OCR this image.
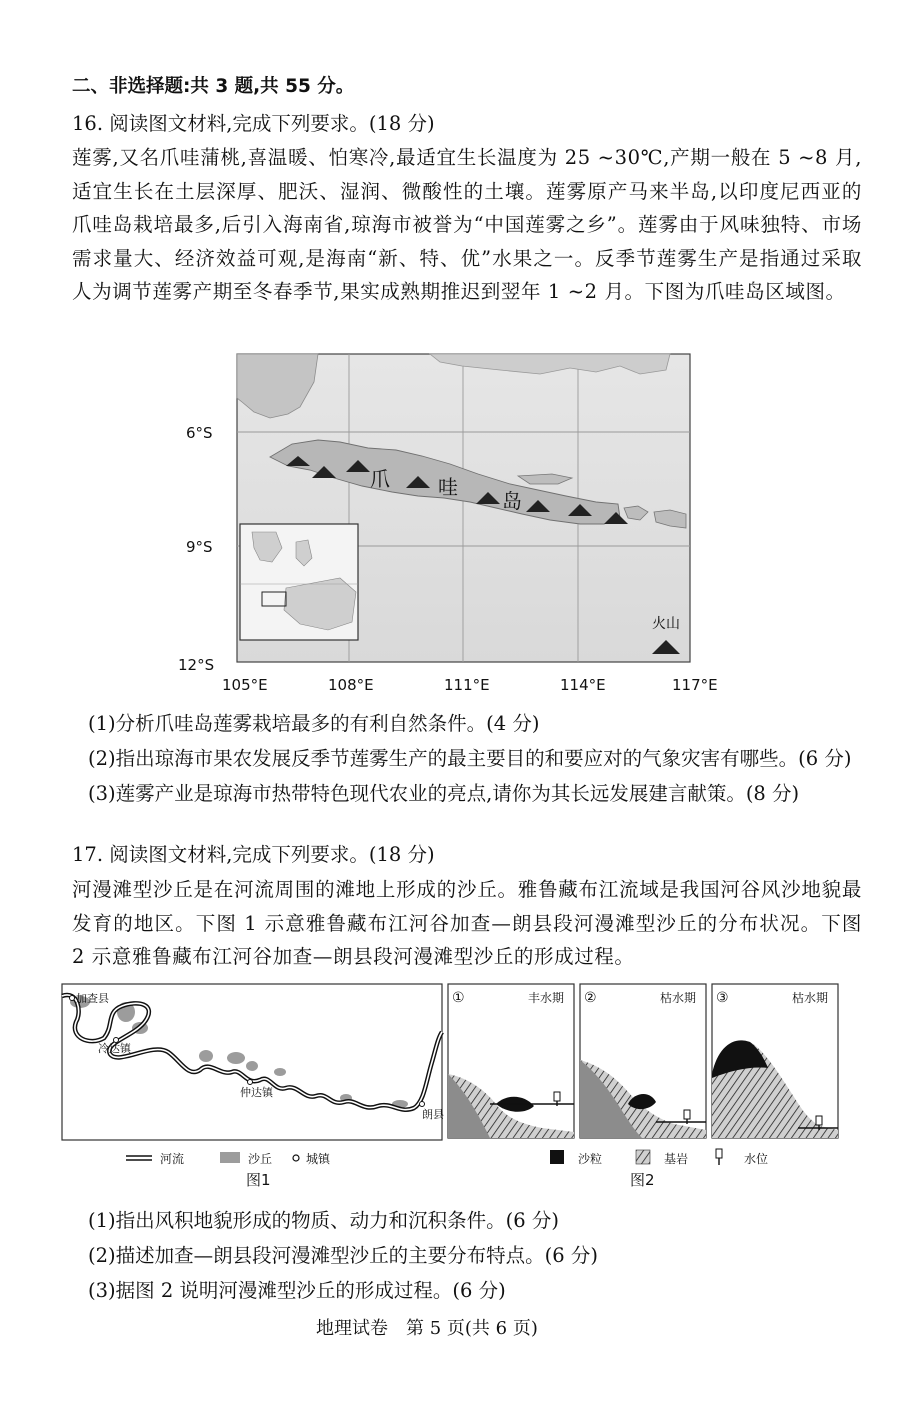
二、非选择题:共 3 题,共 55 分。
16. 阅读图文材料,完成下列要求。(18 分)
莲雾,又名爪哇蒲桃,喜温暖、怕寒冷,最适宜生长温度为 25 ~30℃,产期一般在 5 ~8 月,适宜生长在土层深厚、肥沃、湿润、微酸性的土壤。莲雾原产马来半岛,以印度尼西亚的爪哇岛栽培最多,后引入海南省,琼海市被誉为“中国莲雾之乡”。莲雾由于风味独特、市场需求量大、经济效益可观,是海南“新、特、优”水果之一。反季节莲雾生产是指通过采取人为调节莲雾产期至冬春季节,果实成熟期推迟到翌年 1 ~2 月。下图为爪哇岛区域图。
爪 哇
岛
火山
6°S
9°S
12°S
105°E	108°E	111°E	114°E	117°E
(1)分析爪哇岛莲雾栽培最多的有利自然条件。(4 分)
(2)指出琼海市果农发展反季节莲雾生产的最主要目的和要应对的气象灾害有哪些。(6 分)
(3)莲雾产业是琼海市热带特色现代农业的亮点,请你为其长远发展建言献策。(8 分)
17. 阅读图文材料,完成下列要求。(18 分)
河漫滩型沙丘是在河流周围的滩地上形成的沙丘。雅鲁藏布江流域是我国河谷风沙地貌最发育的地区。下图 1 示意雅鲁藏布江河谷加查—朗县段河漫滩型沙丘的分布状况。下图 2 示意雅鲁藏布江河谷加查—朗县段河漫滩型沙丘的形成过程。
加查县
冷达镇
仲达镇
朗县
河流	沙丘	城镇
图1
①	丰水期 ②	枯水期 ③	枯水期
沙粒	基岩	水位
图2
(1)指出风积地貌形成的物质、动力和沉积条件。(6 分)
(2)描述加查—朗县段河漫滩型沙丘的主要分布特点。(6 分)
(3)据图 2 说明河漫滩型沙丘的形成过程。(6 分)
地理试卷　第 5 页(共 6 页)
